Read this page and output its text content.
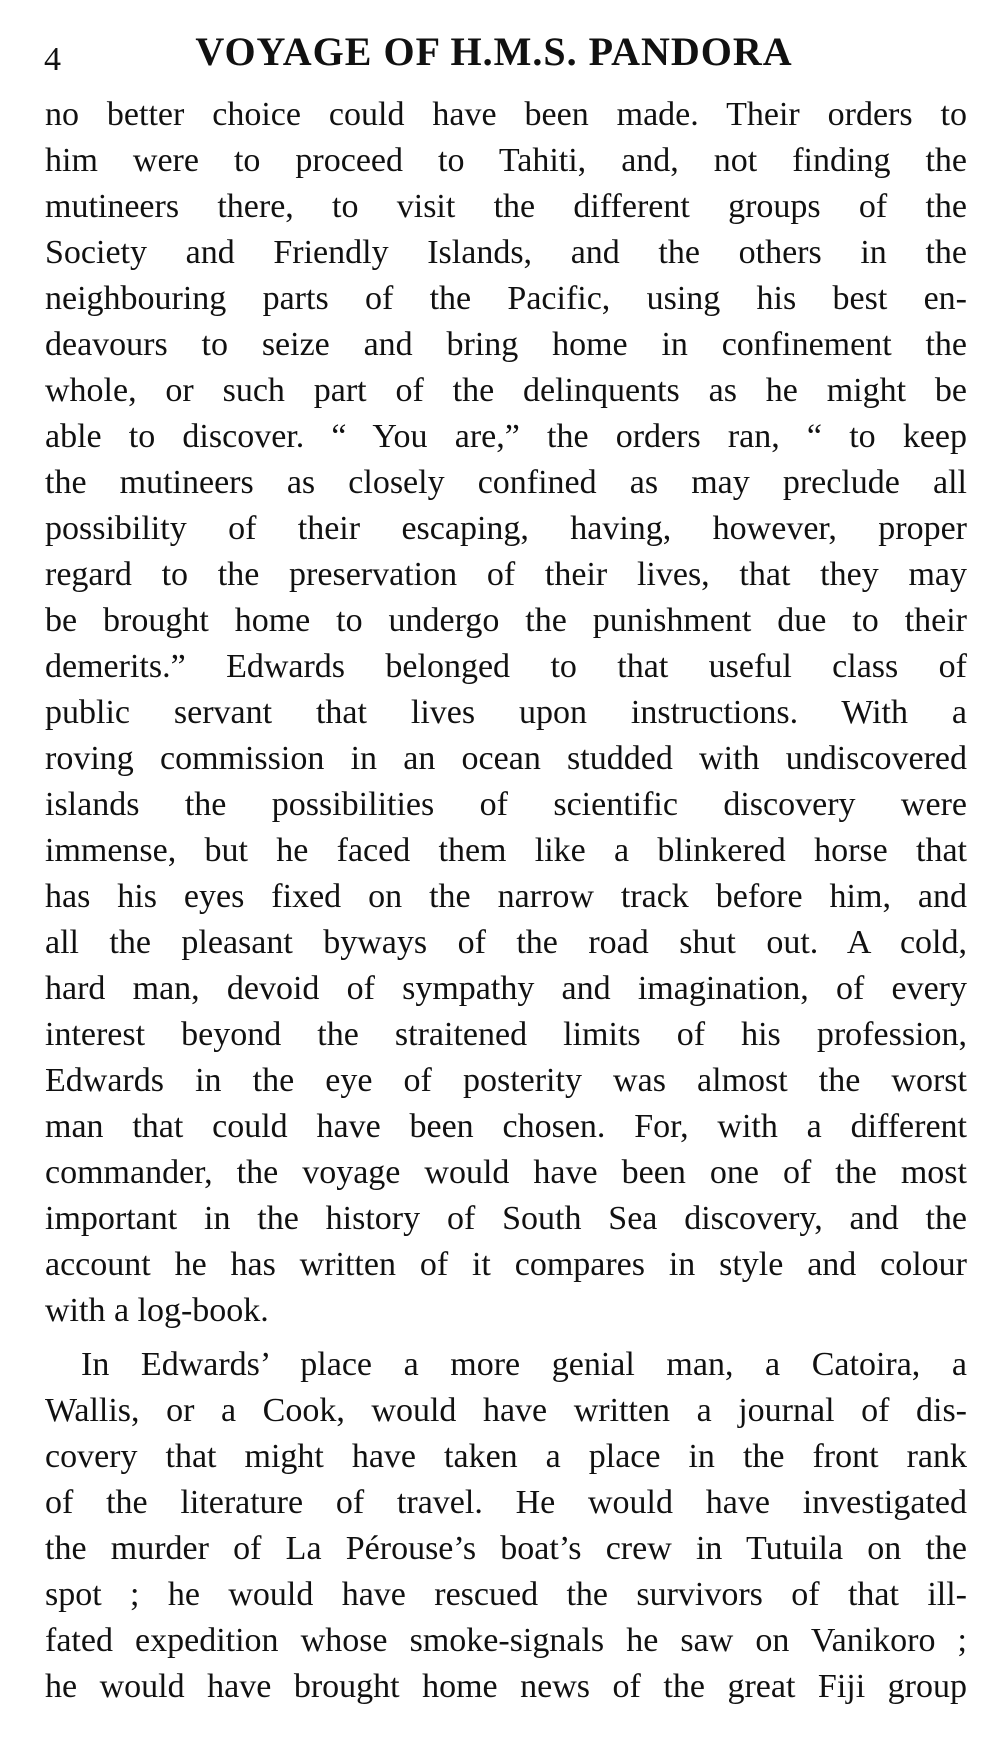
4	VOYAGE OF H.M.S. PANDORA
no better choice could have been made. Their orders to
him were to proceed to Tahiti, and, not finding the
mutineers there, to visit the different groups of the
Society and Friendly Islands, and the others in the
neighbouring parts of the Pacific, using his best en-
deavours to seize and bring home in confinement the
whole, or such part of the delinquents as he might be
able to discover. “ You are,” the orders ran, “ to keep
the mutineers as closely confined as may preclude all
possibility of their escaping, having, however, proper
regard to the preservation of their lives, that they may
be brought home to undergo the punishment due to their
demerits.” Edwards belonged to that useful class of
public servant that lives upon instructions. With a
roving commission in an ocean studded with undiscovered
islands the possibilities of scientific discovery were
immense, but he faced them like a blinkered horse that
has his eyes fixed on the narrow track before him, and
all the pleasant byways of the road shut out. A cold,
hard man, devoid of sympathy and imagination, of every
interest beyond the straitened limits of his profession,
Edwards in the eye of posterity was almost the worst
man that could have been chosen. For, with a different
commander, the voyage would have been one of the most
important in the history of South Sea discovery, and the
account he has written of it compares in style and colour
with a log-book.
In Edwards’ place a more genial man, a Catoira, a
Wallis, or a Cook, would have written a journal of dis-
covery that might have taken a place in the front rank
of the literature of travel. He would have investigated
the murder of La Pérouse’s boat’s crew in Tutuila on the
spot ; he would have rescued the survivors of that ill-
fated expedition whose smoke-signals he saw on Vanikoro ;
he would have brought home news of the great Fiji group
